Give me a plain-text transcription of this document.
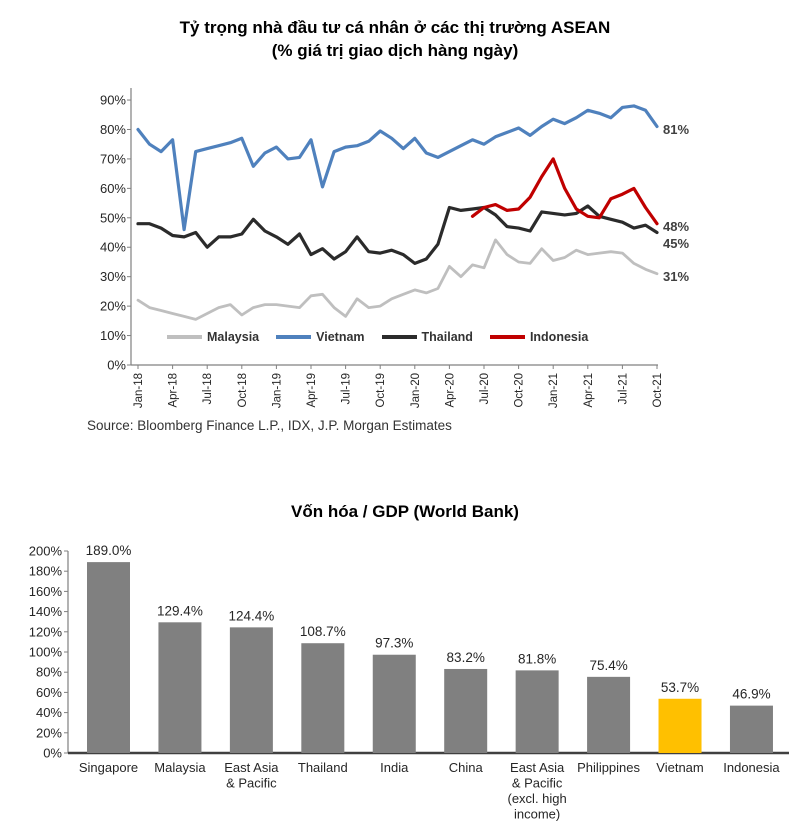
Tỷ trọng nhà đầu tư cá nhân ở các thị trường ASEAN
(% giá trị giao dịch hàng ngày)
0%
10%
20%
30%
40%
50%
60%
70%
80%
90%
Jan-18 Apr-18 Jul-18 Oct-18 Jan-19 Apr-19 Jul-19 Oct-19 Jan-20 Apr-20 Jul-20 Oct-20 Jan-21 Apr-21 Jul-21 Oct-21
Malaysia	Vietnam	Thailand	Indonesia
81%
48%
45%
31%
Source: Bloomberg Finance L.P., IDX, J.P. Morgan Estimates
Vốn hóa / GDP (World Bank)
0%
20%
40%
60%
80%
100%
120%
140%
160%
180%
200% 189.0%
Singapore
129.4%
Malaysia
124.4%
East Asia & Pacific
108.7%
Thailand
97.3%
India
83.2%
China
81.8%
East Asia & Pacific (excl. high income)
75.4%
Philippines
53.7%
Vietnam
46.9%
Indonesia
